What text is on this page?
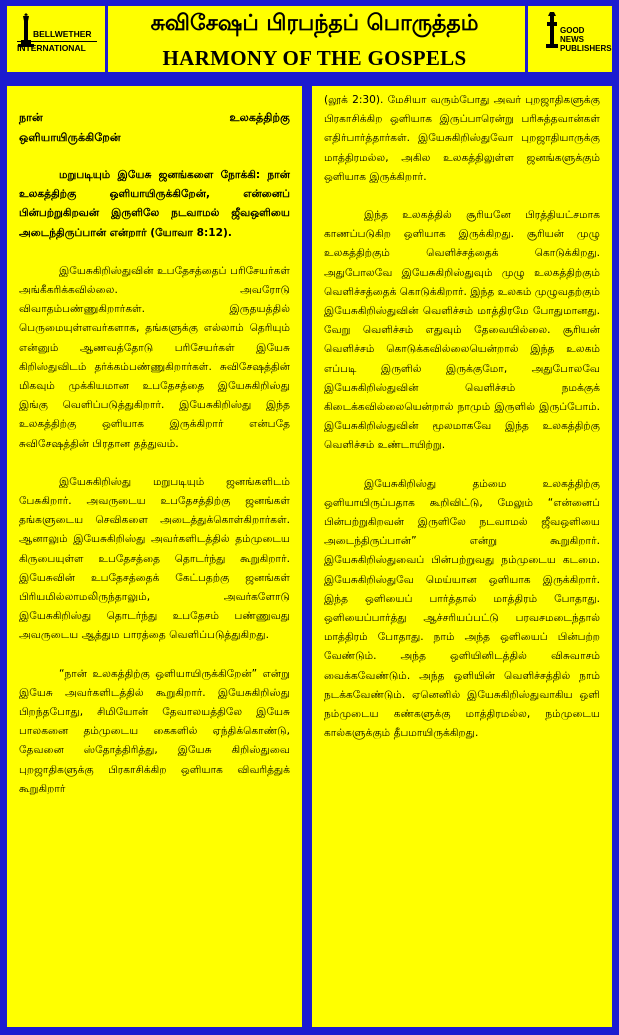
BELLWETHER
INTERNATIONAL
சுவிசேஷப் பிரபந்தப் பொருத்தம்
HARMONY OF THE GOSPELS
GOOD NEWS
PUBLISHERS

நான் உலகத்திற்கு
ஒளியாயிருக்கிறேன்

மறுபடியும் இயேசு ஜனங்களை நோக்கி: நான் உலகத்திற்கு ஒளியாயிருக்கிறேன், என்னைப் பின்பற்றுகிறவன் இருளிலே நடவாமல் ஜீவஒளியை அடைந்திருப்பான் என்றார் (யோவா 8:12).

இயேசுகிறிஸ்துவின் உபதேசத்தைப் பரிசேயர்கள் அங்கீகரிக்கவில்லை. அவரோடு விவாதம்பண்ணுகிறார்கள். இருதயத்தில் பெருமையுள்ளவர்களாக, தங்களுக்கு எல்லாம் தெரியும் என்னும் ஆணவத்தோடு பரிசேயர்கள் இயேசு கிறிஸ்துவிடம் தர்க்கம்பண்ணுகிறார்கள். சுவிசேஷத்தின் மிகவும் முக்கியமான உபதேசத்தை இயேசுகிறிஸ்து இங்கு வெளிப்படுத்துகிறார். இயேசுகிறிஸ்து இந்த உலகத்திற்கு ஒளியாக இருக்கிறார் என்பதே சுவிசேஷத்தின் பிரதான தத்துவம்.

இயேசுகிறிஸ்து மறுபடியும் ஜனங்களிடம் பேசுகிறார். அவருடைய உபதேசத்திற்கு ஜனங்கள் தங்களுடைய செவிகளை அடைத்துக்கொள்கிறார்கள். ஆனாலும் இயேசுகிறிஸ்து அவர்களிடத்தில் தம்முடைய கிருபையுள்ள உபதேசத்தை தொடர்ந்து கூறுகிறார். இயேசுவின் உபதேசத்தைக் கேட்பதற்கு ஜனங்கள் பிரியமில்லாமலிருந்தாலும், அவர்களோடு இயேசுகிறிஸ்து தொடர்ந்து உபதேசம் பண்ணுவது அவருடைய ஆத்தும பாரத்தை வெளிப்படுத்துகிறது.

“நான் உலகத்திற்கு ஒளியாயிருக்கிறேன்” என்று இயேசு அவர்களிடத்தில் கூறுகிறார். இயேசுகிறிஸ்து பிறந்தபோது, சிமியோன் தேவாலயத்திலே இயேசு பாலகனை தம்முடைய கைகளில் ஏந்திக்கொண்டு, தேவனை ஸ்தோத்திரித்து, இயேசு கிறிஸ்துவை புறஜாதிகளுக்கு பிரகாசிக்கிற ஒளியாக விவரித்துக் கூறுகிறார்

(லூக் 2:30). மேசியா வரும்போது அவர் புறஜாதிகளுக்கு பிரகாசிக்கிற ஒளியாக இருப்பாரென்று பரிசுத்தவான்கள் எதிர்பார்த்தார்கள். இயேசுகிறிஸ்துவோ புறஜாதியாருக்கு மாத்திரமல்ல, அகில உலகத்திலுள்ள ஜனங்களுக்கும் ஒளியாக இருக்கிறார்.

இந்த உலகத்தில் சூரியனே பிரத்தியட்சமாக காணப்படுகிற ஒளியாக இருக்கிறது. சூரியன் முழு உலகத்திற்கும் வெளிச்சத்தைக் கொடுக்கிறது. அதுபோலவே இயேசுகிறிஸ்துவும் முழு உலகத்திற்கும் வெளிச்சத்தைக் கொடுக்கிறார். இந்த உலகம் முழுவதற்கும் இயேசுகிறிஸ்துவின் வெளிச்சம் மாத்திரமே போதுமானது. வேறு வெளிச்சம் எதுவும் தேவையில்லை. சூரியன் வெளிச்சம் கொடுக்கவில்லையென்றால் இந்த உலகம் எப்படி இருளில் இருக்குமோ, அதுபோலவே இயேசுகிறிஸ்துவின் வெளிச்சம் நமக்குக் கிடைக்கவில்லையென்றால் நாமும் இருளில் இருப்போம். இயேசுகிறிஸ்துவின் மூலமாகவே இந்த உலகத்திற்கு வெளிச்சம் உண்டாயிற்று.

இயேசுகிறிஸ்து தம்மை உலகத்திற்கு ஒளியாயிருப்பதாக கூறிவிட்டு, மேலும் “என்னைப் பின்பற்றுகிறவன் இருளிலே நடவாமல் ஜீவஒளியை அடைந்திருப்பான்” என்று கூறுகிறார். இயேசுகிறிஸ்துவைப் பின்பற்றுவது நம்முடைய கடமை. இயேசுகிறிஸ்துவே மெய்யான ஒளியாக இருக்கிறார். இந்த ஒளியைப் பார்த்தால் மாத்திரம் போதாது. ஒளியைப்பார்த்து ஆச்சரியப்பட்டு பரவசமடைந்தால் மாத்திரம் போதாது. நாம் அந்த ஒளியைப் பின்பற்ற வேண்டும். அந்த ஒளியினிடத்தில் விசுவாசம் வைக்கவேண்டும். அந்த ஒளியின் வெளிச்சத்தில் நாம் நடக்கவேண்டும். ஏனெனில் இயேசுகிறிஸ்துவாகிய ஒளி நம்முடைய கண்களுக்கு மாத்திரமல்ல, நம்முடைய கால்களுக்கும் தீபமாயிருக்கிறது.
